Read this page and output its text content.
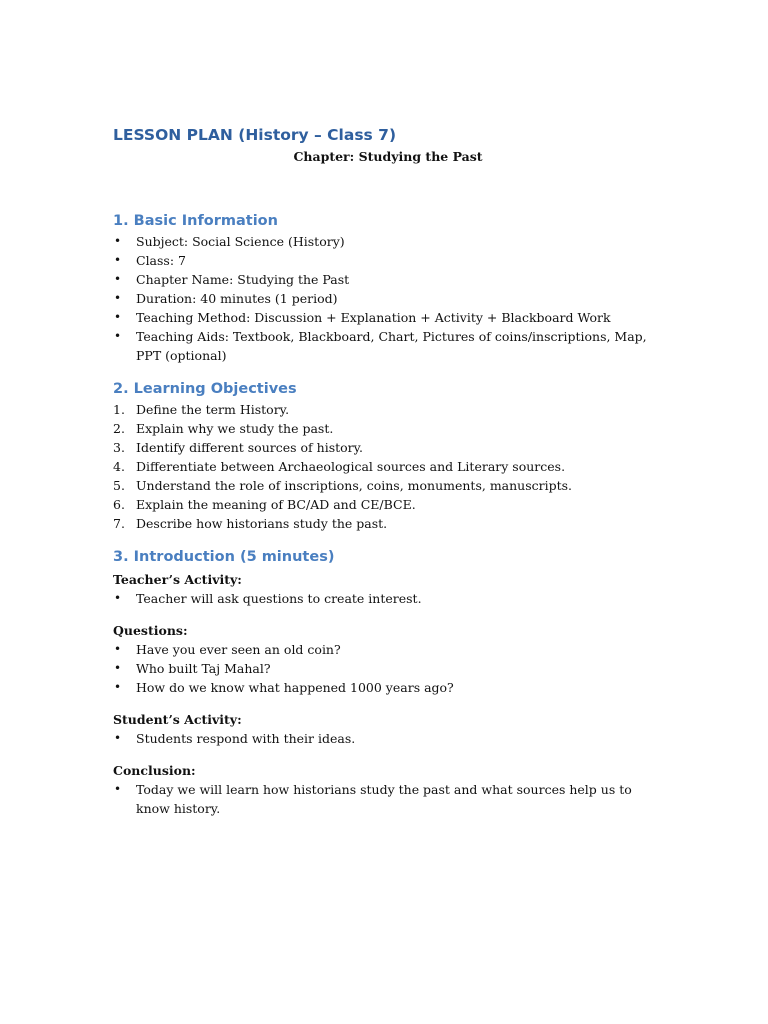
LESSON PLAN (History – Class 7)

Chapter: Studying the Past

1. Basic Information
• Subject: Social Science (History)
• Class: 7
• Chapter Name: Studying the Past
• Duration: 40 minutes (1 period)
• Teaching Method: Discussion + Explanation + Activity + Blackboard Work
• Teaching Aids: Textbook, Blackboard, Chart, Pictures of coins/inscriptions, Map, PPT (optional)
2. Learning Objectives
1. Define the term History.
2. Explain why we study the past.
3. Identify different sources of history.
4. Differentiate between Archaeological sources and Literary sources.
5. Understand the role of inscriptions, coins, monuments, manuscripts.
6. Explain the meaning of BC/AD and CE/BCE.
7. Describe how historians study the past.
3. Introduction (5 minutes)

Teacher’s Activity:

• Teacher will ask questions to create interest.

Questions:

• Have you ever seen an old coin?
• Who built Taj Mahal?
• How do we know what happened 1000 years ago?

Student’s Activity:

• Students respond with their ideas.

Conclusion:

• Today we will learn how historians study the past and what sources help us to know history.
